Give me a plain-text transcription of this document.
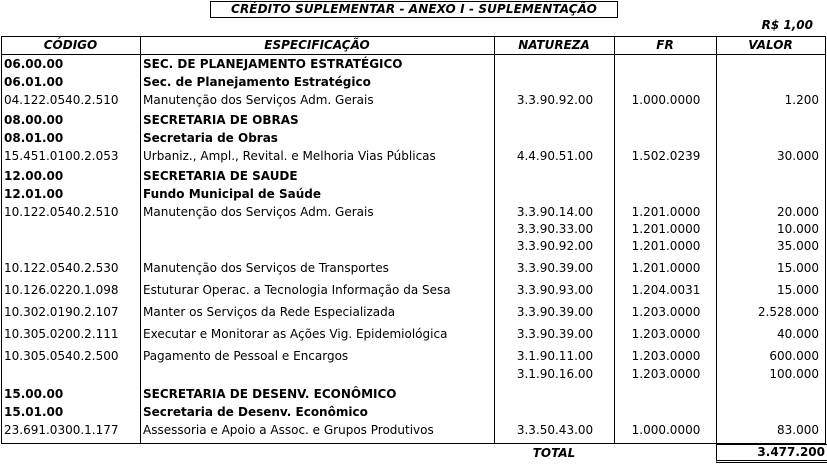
CRÉDITO SUPLEMENTAR - ANEXO I - SUPLEMENTAÇÃO
R$ 1,00
CÓDIGO	ESPECIFICAÇÃO	NATUREZA	FR	VALOR
06.00.00	SEC. DE PLANEJAMENTO ESTRATÉGICO
06.01.00	Sec. de Planejamento Estratégico
04.122.0540.2.510 Manutenção dos Serviços Adm. Gerais	3.3.90.92.00	1.000.0000	1.200
08.00.00	SECRETARIA DE OBRAS
08.01.00	Secretaria de Obras
15.451.0100.2.053 Urbaniz., Ampl., Revital. e Melhoria Vias Públicas	4.4.90.51.00	1.502.0239	30.000
12.00.00	SECRETARIA DE SAUDE
12.01.00	Fundo Municipal de Saúde
10.122.0540.2.510 Manutenção dos Serviços Adm. Gerais	3.3.90.14.00	1.201.0000	20.000
3.3.90.33.00	1.201.0000	10.000
3.3.90.92.00	1.201.0000	35.000
10.122.0540.2.530 Manutenção dos Serviços de Transportes	3.3.90.39.00	1.201.0000	15.000
10.126.0220.1.098 Estuturar Operac. a Tecnologia Informação da Sesa	3.3.90.93.00	1.204.0031	15.000
10.302.0190.2.107 Manter os Serviços da Rede Especializada	3.3.90.39.00	1.203.0000	2.528.000
10.305.0200.2.111 Executar e Monitorar as Ações Vig. Epidemiológica	3.3.90.39.00	1.203.0000	40.000
10.305.0540.2.500 Pagamento de Pessoal e Encargos	3.1.90.11.00	1.203.0000	600.000
3.1.90.16.00	1.203.0000	100.000
15.00.00	SECRETARIA DE DESENV. ECONÔMICO
15.01.00	Secretaria de Desenv. Econômico
23.691.0300.1.177 Assessoria e Apoio a Assoc. e Grupos Produtivos	3.3.50.43.00	1.000.0000	83.000
TOTAL	3.477.200
